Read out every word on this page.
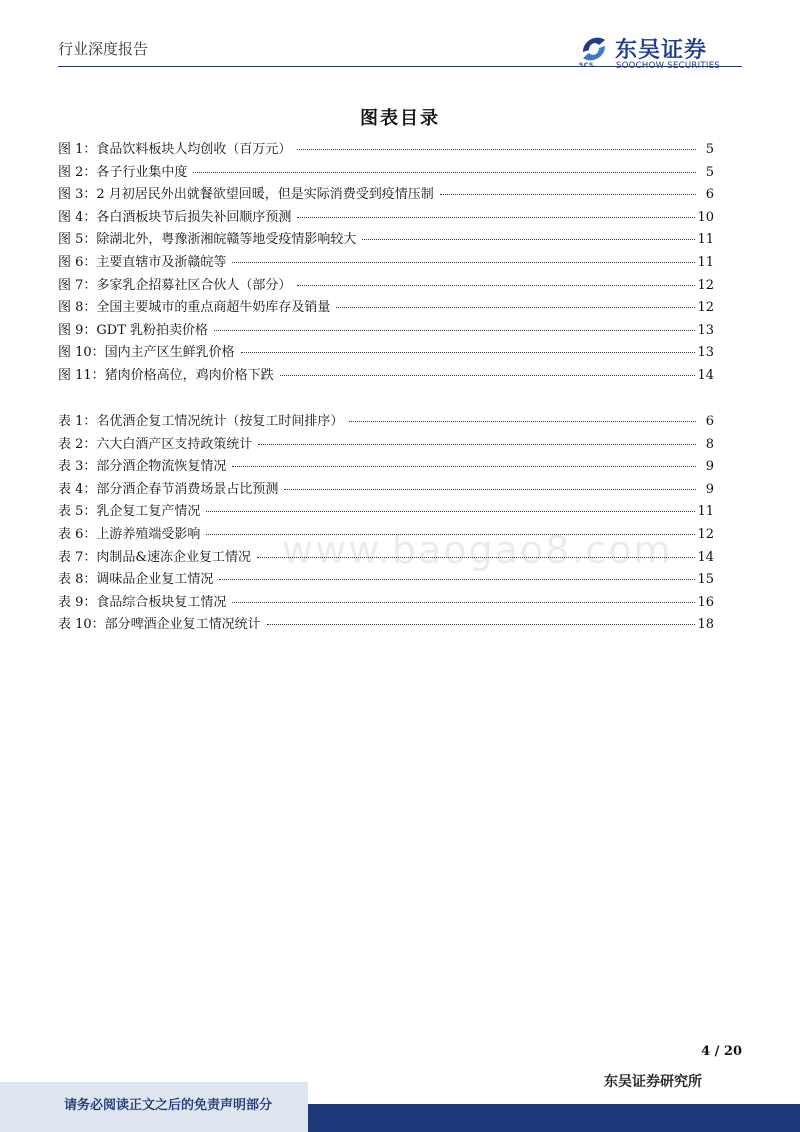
行业深度报告
SCS
东吴证券
SOOCHOW SECURITIES
图表目录
图 1：食品饮料板块人均创收（百万元）	5
图 2：各子行业集中度	5
图 3：2 月初居民外出就餐欲望回暖，但是实际消费受到疫情压制	6
图 4：各白酒板块节后损失补回顺序预测	10
图 5：除湖北外，粤豫浙湘皖赣等地受疫情影响较大	11
图 6：主要直辖市及浙赣皖等	11
图 7：多家乳企招募社区合伙人（部分）	12
图 8：全国主要城市的重点商超牛奶库存及销量	12
图 9：GDT 乳粉拍卖价格	13
图 10：国内主产区生鲜乳价格	13
图 11：猪肉价格高位，鸡肉价格下跌	14
表 1：名优酒企复工情况统计（按复工时间排序）	6
表 2：六大白酒产区支持政策统计	8
表 3：部分酒企物流恢复情况	9
表 4：部分酒企春节消费场景占比预测	9
表 5：乳企复工复产情况	11
表 6：上游养殖端受影响	12
表 7：肉制品&速冻企业复工情况	14
表 8：调味品企业复工情况	15
表 9：食品综合板块复工情况	16
表 10：部分啤酒企业复工情况统计	18
www.baogao8.com
4 / 20
东吴证券研究所
请务必阅读正文之后的免责声明部分
